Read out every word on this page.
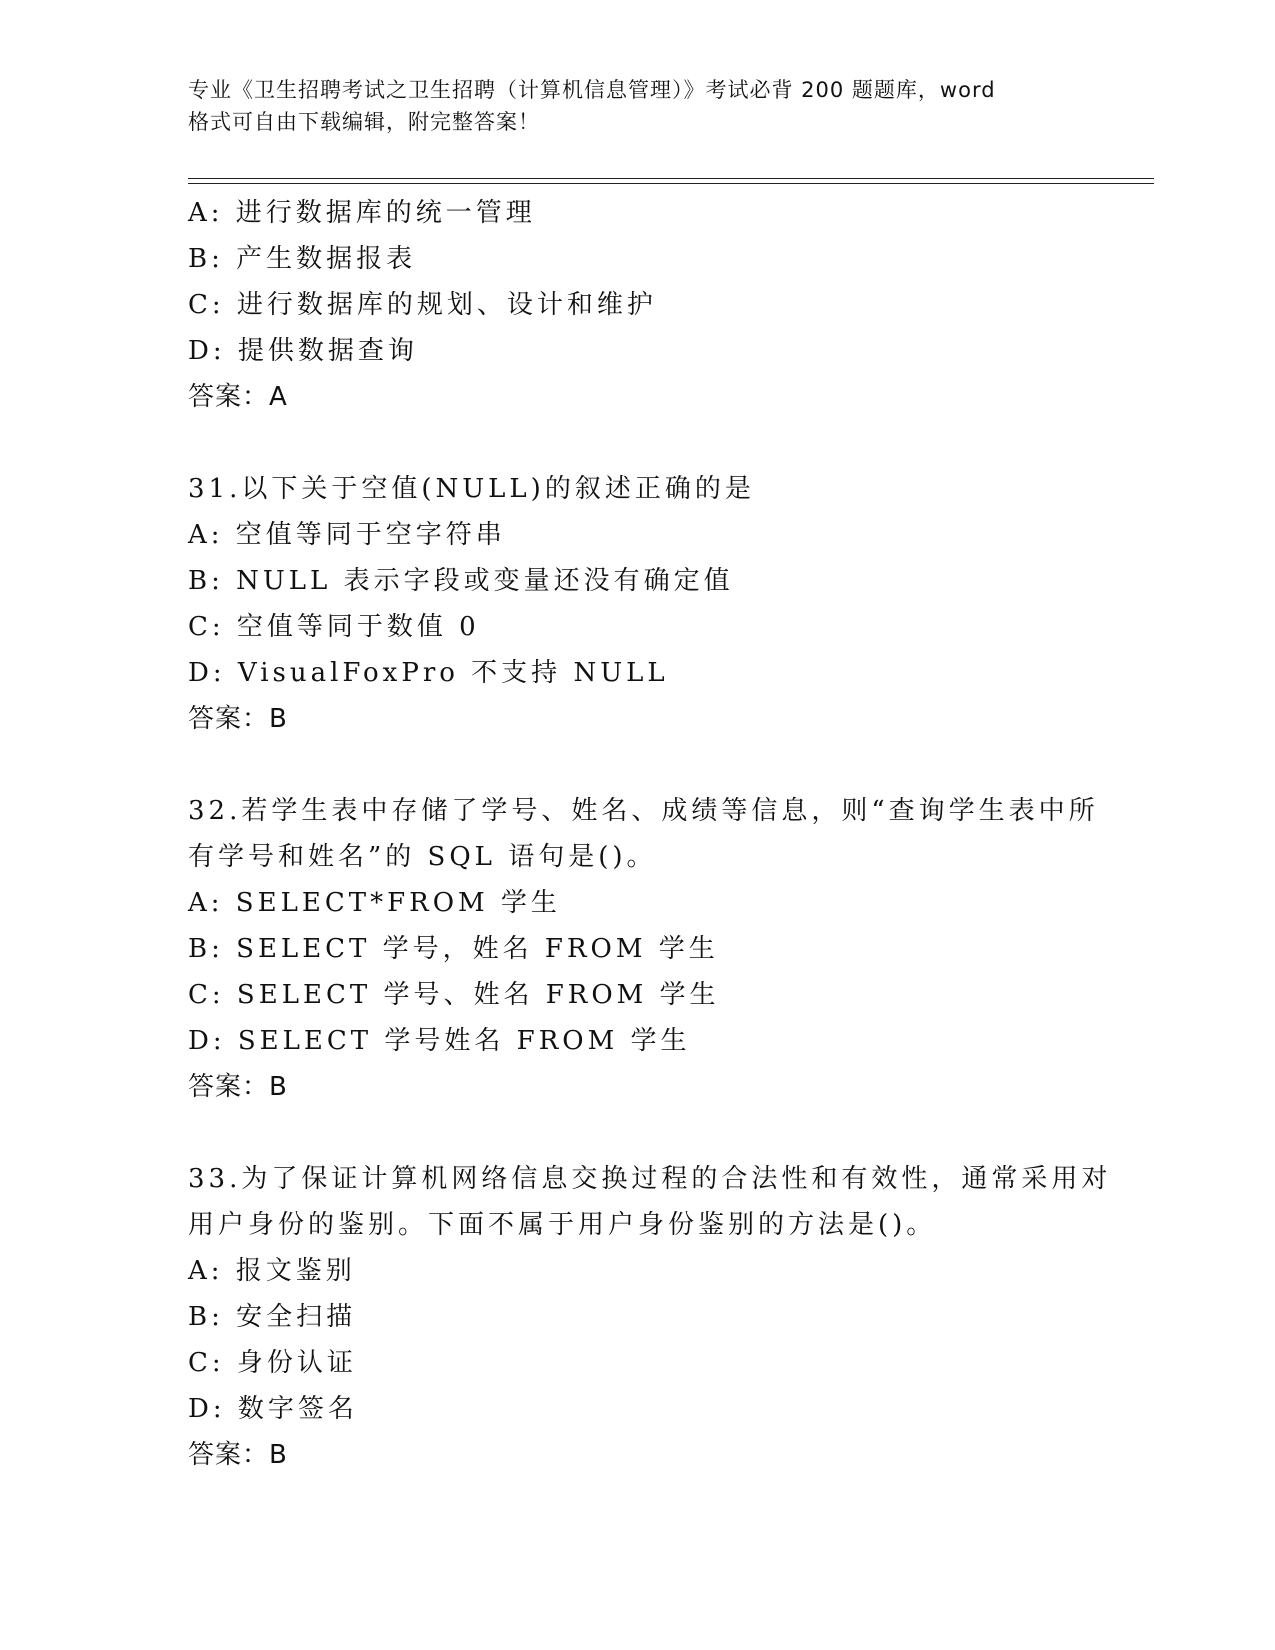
专业《卫生招聘考试之卫生招聘（计算机信息管理）》考试必背 200 题题库，word
格式可自由下载编辑，附完整答案！
A: 进行数据库的统一管理
B: 产生数据报表
C: 进行数据库的规划、设计和维护
D: 提供数据查询
答案：A
31.以下关于空值(NULL)的叙述正确的是
A: 空值等同于空字符串
B: NULL 表示字段或变量还没有确定值
C: 空值等同于数值 0
D: VisualFoxPro 不支持 NULL
答案：B
32.若学生表中存储了学号、姓名、成绩等信息，则“查询学生表中所
有学号和姓名”的 SQL 语句是()。
A: SELECT*FROM 学生
B: SELECT 学号，姓名 FROM 学生
C: SELECT 学号、姓名 FROM 学生
D: SELECT 学号姓名 FROM 学生
答案：B
33.为了保证计算机网络信息交换过程的合法性和有效性，通常采用对
用户身份的鉴别。下面不属于用户身份鉴别的方法是()。
A: 报文鉴别
B: 安全扫描
C: 身份认证
D: 数字签名
答案：B
